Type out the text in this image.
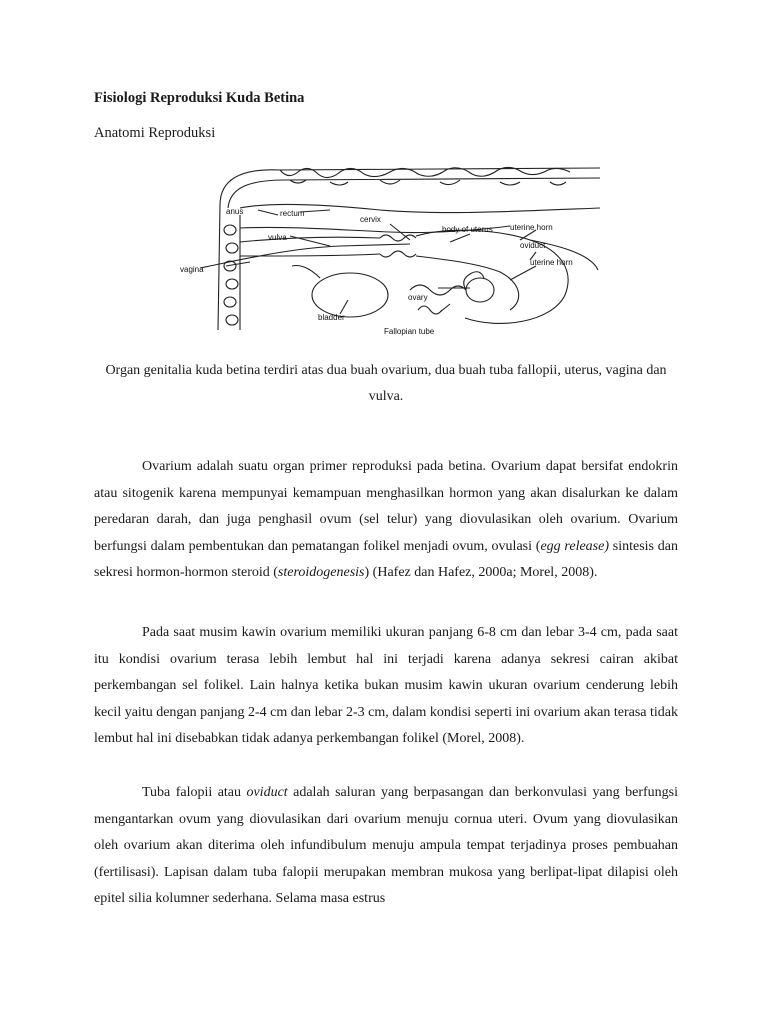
Fisiologi Reproduksi Kuda Betina
Anatomi Reproduksi
anus	rectum
cervix
body of uterus uterine horn
oviduct
uterine horn
vulva
vagina
ovary
bladder
Fallopian tube
Organ genitalia kuda betina terdiri atas dua buah ovarium, dua buah tuba fallopii, uterus, vagina dan vulva.

Ovarium adalah suatu organ primer reproduksi pada betina. Ovarium dapat bersifat endokrin atau sitogenik karena mempunyai kemampuan menghasilkan hormon yang akan disalurkan ke dalam peredaran darah, dan juga penghasil ovum (sel telur) yang diovulasikan oleh ovarium. Ovarium berfungsi dalam pembentukan dan pematangan folikel menjadi ovum, ovulasi (egg release) sintesis dan sekresi hormon-hormon steroid (steroidogenesis) (Hafez dan Hafez, 2000a; Morel, 2008).

Pada saat musim kawin ovarium memiliki ukuran panjang 6-8 cm dan lebar 3-4 cm, pada saat itu kondisi ovarium terasa lebih lembut hal ini terjadi karena adanya sekresi cairan akibat perkembangan sel folikel. Lain halnya ketika bukan musim kawin ukuran ovarium cenderung lebih kecil yaitu dengan panjang 2-4 cm dan lebar 2-3 cm, dalam kondisi seperti ini ovarium akan terasa tidak lembut hal ini disebabkan tidak adanya perkembangan folikel (Morel, 2008).

Tuba falopii atau oviduct adalah saluran yang berpasangan dan berkonvulasi yang berfungsi mengantarkan ovum yang diovulasikan dari ovarium menuju cornua uteri. Ovum yang diovulasikan oleh ovarium akan diterima oleh infundibulum menuju ampula tempat terjadinya proses pembuahan (fertilisasi). Lapisan dalam tuba falopii merupakan membran mukosa yang berlipat-lipat dilapisi oleh epitel silia kolumner sederhana. Selama masa estrus
